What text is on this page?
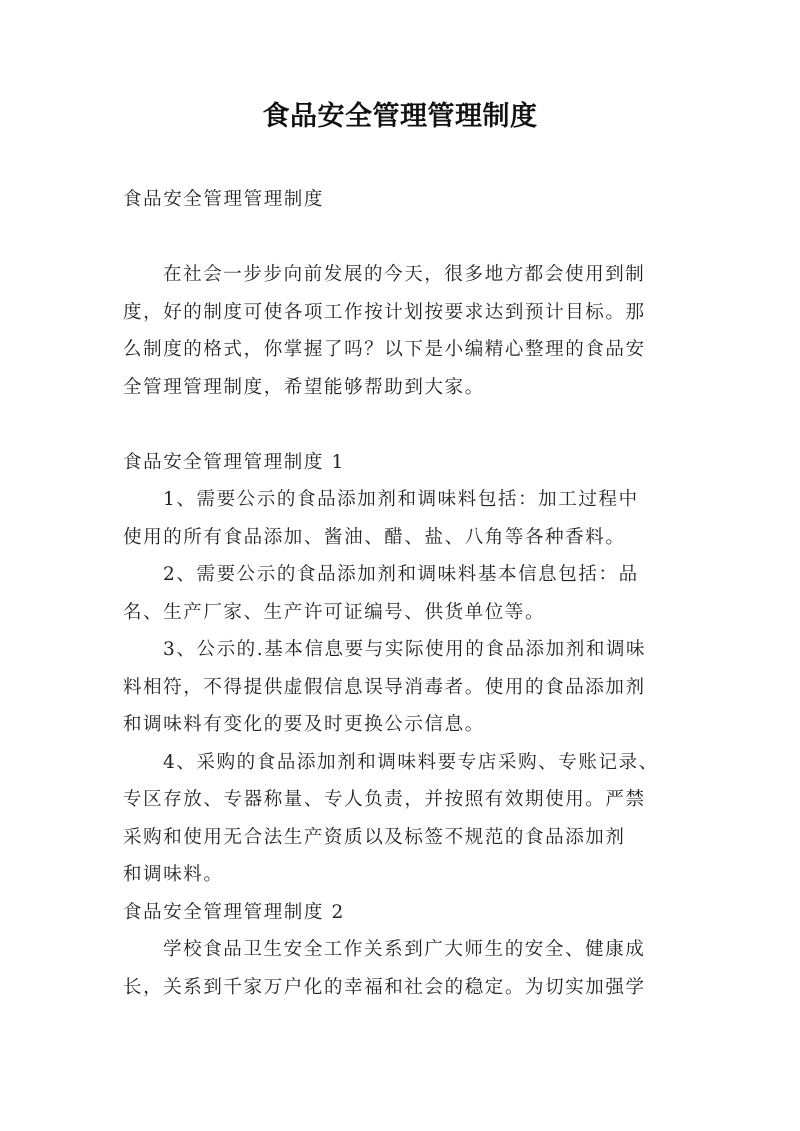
食品安全管理管理制度
食品安全管理管理制度
在社会一步步向前发展的今天，很多地方都会使用到制
度，好的制度可使各项工作按计划按要求达到预计目标。那
么制度的格式，你掌握了吗？以下是小编精心整理的食品安
全管理管理制度，希望能够帮助到大家。
食品安全管理管理制度 1
1、需要公示的食品添加剂和调味料包括：加工过程中
使用的所有食品添加、酱油、醋、盐、八角等各种香料。
2、需要公示的食品添加剂和调味料基本信息包括：品
名、生产厂家、生产许可证编号、供货单位等。
3、公示的.基本信息要与实际使用的食品添加剂和调味
料相符，不得提供虚假信息误导消毒者。使用的食品添加剂
和调味料有变化的要及时更换公示信息。
4、采购的食品添加剂和调味料要专店采购、专账记录、
专区存放、专器称量、专人负责，并按照有效期使用。严禁
采购和使用无合法生产资质以及标签不规范的食品添加剂
和调味料。
食品安全管理管理制度 2
学校食品卫生安全工作关系到广大师生的安全、健康成
长，关系到千家万户化的幸福和社会的稳定。为切实加强学
